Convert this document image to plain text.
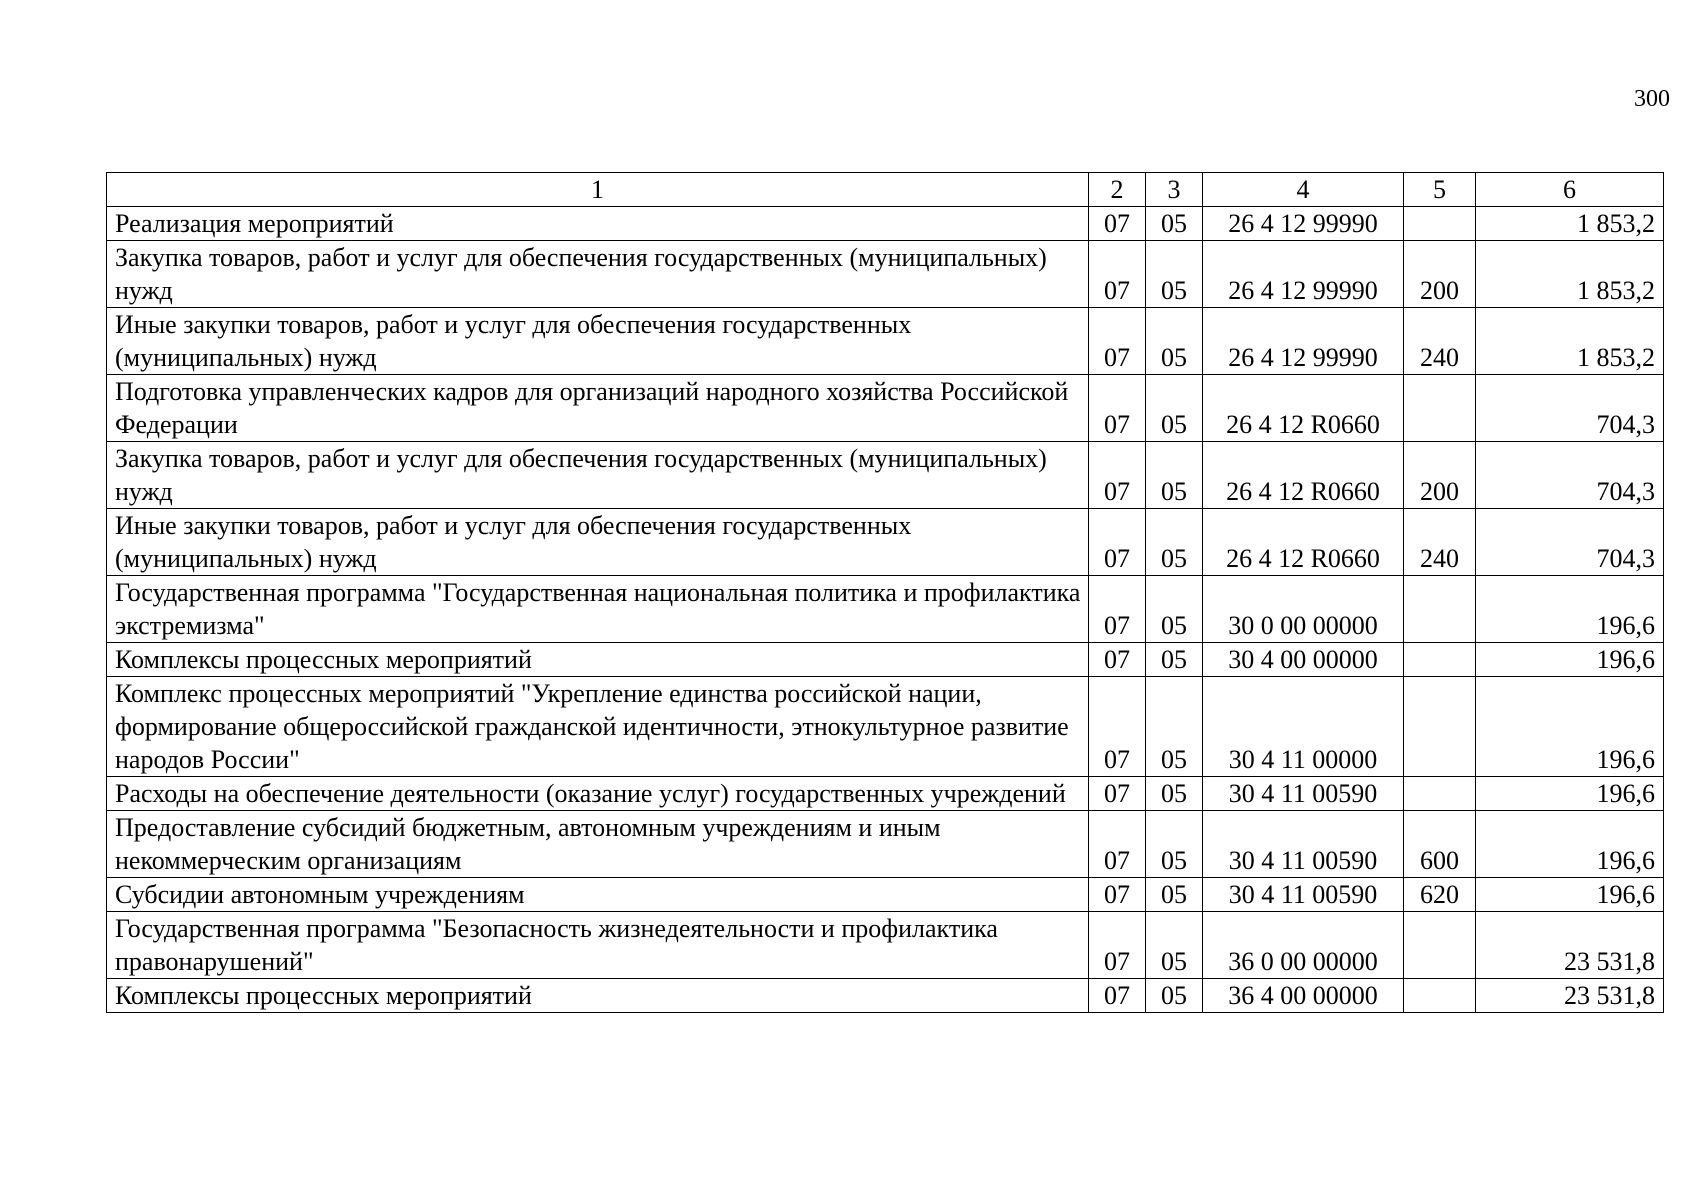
300
1	2	3	4	5	6
Реализация мероприятий	07	05	26 4 12 99990		1 853,2
Закупка товаров, работ и услуг для обеспечения государственных (муниципальных) нужд	07	05	26 4 12 99990	200	1 853,2
Иные закупки товаров, работ и услуг для обеспечения государственных (муниципальных) нужд	07	05	26 4 12 99990	240	1 853,2
Подготовка управленческих кадров для организаций народного хозяйства Российской Федерации	07	05	26 4 12 R0660		704,3
Закупка товаров, работ и услуг для обеспечения государственных (муниципальных) нужд	07	05	26 4 12 R0660	200	704,3
Иные закупки товаров, работ и услуг для обеспечения государственных (муниципальных) нужд	07	05	26 4 12 R0660	240	704,3
Государственная программа "Государственная национальная политика и профилактика экстремизма"	07	05	30 0 00 00000		196,6
Комплексы процессных мероприятий	07	05	30 4 00 00000		196,6
Комплекс процессных мероприятий "Укрепление единства российской нации, формирование общероссийской гражданской идентичности, этнокультурное развитие народов России"	07	05	30 4 11 00000		196,6
Расходы на обеспечение деятельности (оказание услуг) государственных учреждений	07	05	30 4 11 00590		196,6
Предоставление субсидий бюджетным, автономным учреждениям и иным некоммерческим организациям	07	05	30 4 11 00590	600	196,6
Субсидии автономным учреждениям	07	05	30 4 11 00590	620	196,6
Государственная программа "Безопасность жизнедеятельности и профилактика правонарушений"	07	05	36 0 00 00000		23 531,8
Комплексы процессных мероприятий	07	05	36 4 00 00000		23 531,8
